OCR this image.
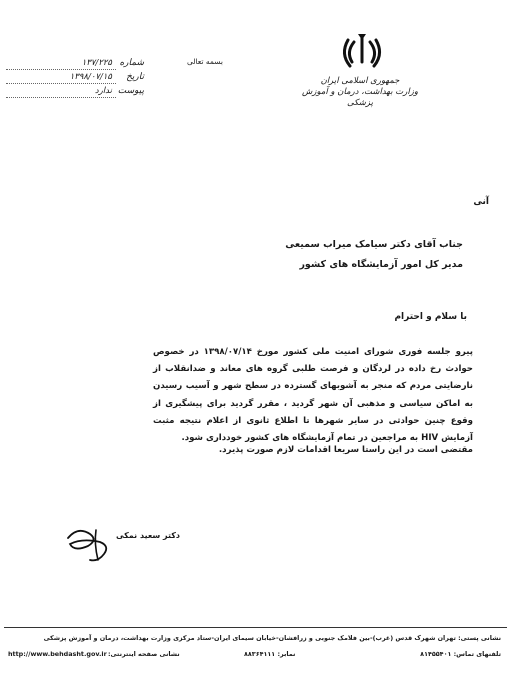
جمهوری اسلامی ایران
وزارت بهداشت، درمان و آموزش پزشکی
بسمه تعالی
۱۳۷/۲۲۵ شماره
۱۳۹۸/۰۷/۱۵ تاریخ
ندارد پیوست
آنی
جناب آقای دکتر سیامک میراب سمیعی
مدیر کل امور آزمایشگاه های کشور
با سلام و احترام
پیرو جلسه فوری شورای امنیت ملی کشور مورخ ۱۳۹۸/۰۷/۱۴ در خصوص حوادث رخ داده در لردگان و فرصت طلبی گروه های معاند و ضدانقلاب از نارضایتی مردم که منجر به آشوبهای گسترده در سطح شهر و آسیب رسیدن به اماکن سیاسی و مذهبی آن شهر گردید ، مقرر گردید برای پیشگیری از وقوع چنین حوادثی در سایر شهرها تا اطلاع ثانوی از اعلام نتیجه مثبت آزمایش HIV به مراجعین در تمام آزمایشگاه های کشور خودداری شود.
مقتضی است در این راستا سریعا اقدامات لازم صورت پذیرد.
دکتر سعید نمکی
نشانی پستی: تهران شهرک قدس (غرب)-بین فلامک جنوبی و زرافشان-خیابان سیمای ایران-ستاد مرکزی وزارت بهداشت، درمان و آموزش پزشکی
http://www.behdasht.gov.ir نشانی صفحه اینترنتی:	نمابر: ۸۸۳۶۴۱۱۱	تلفنهای تماس: ۸۱۴۵۵۴۰۱
